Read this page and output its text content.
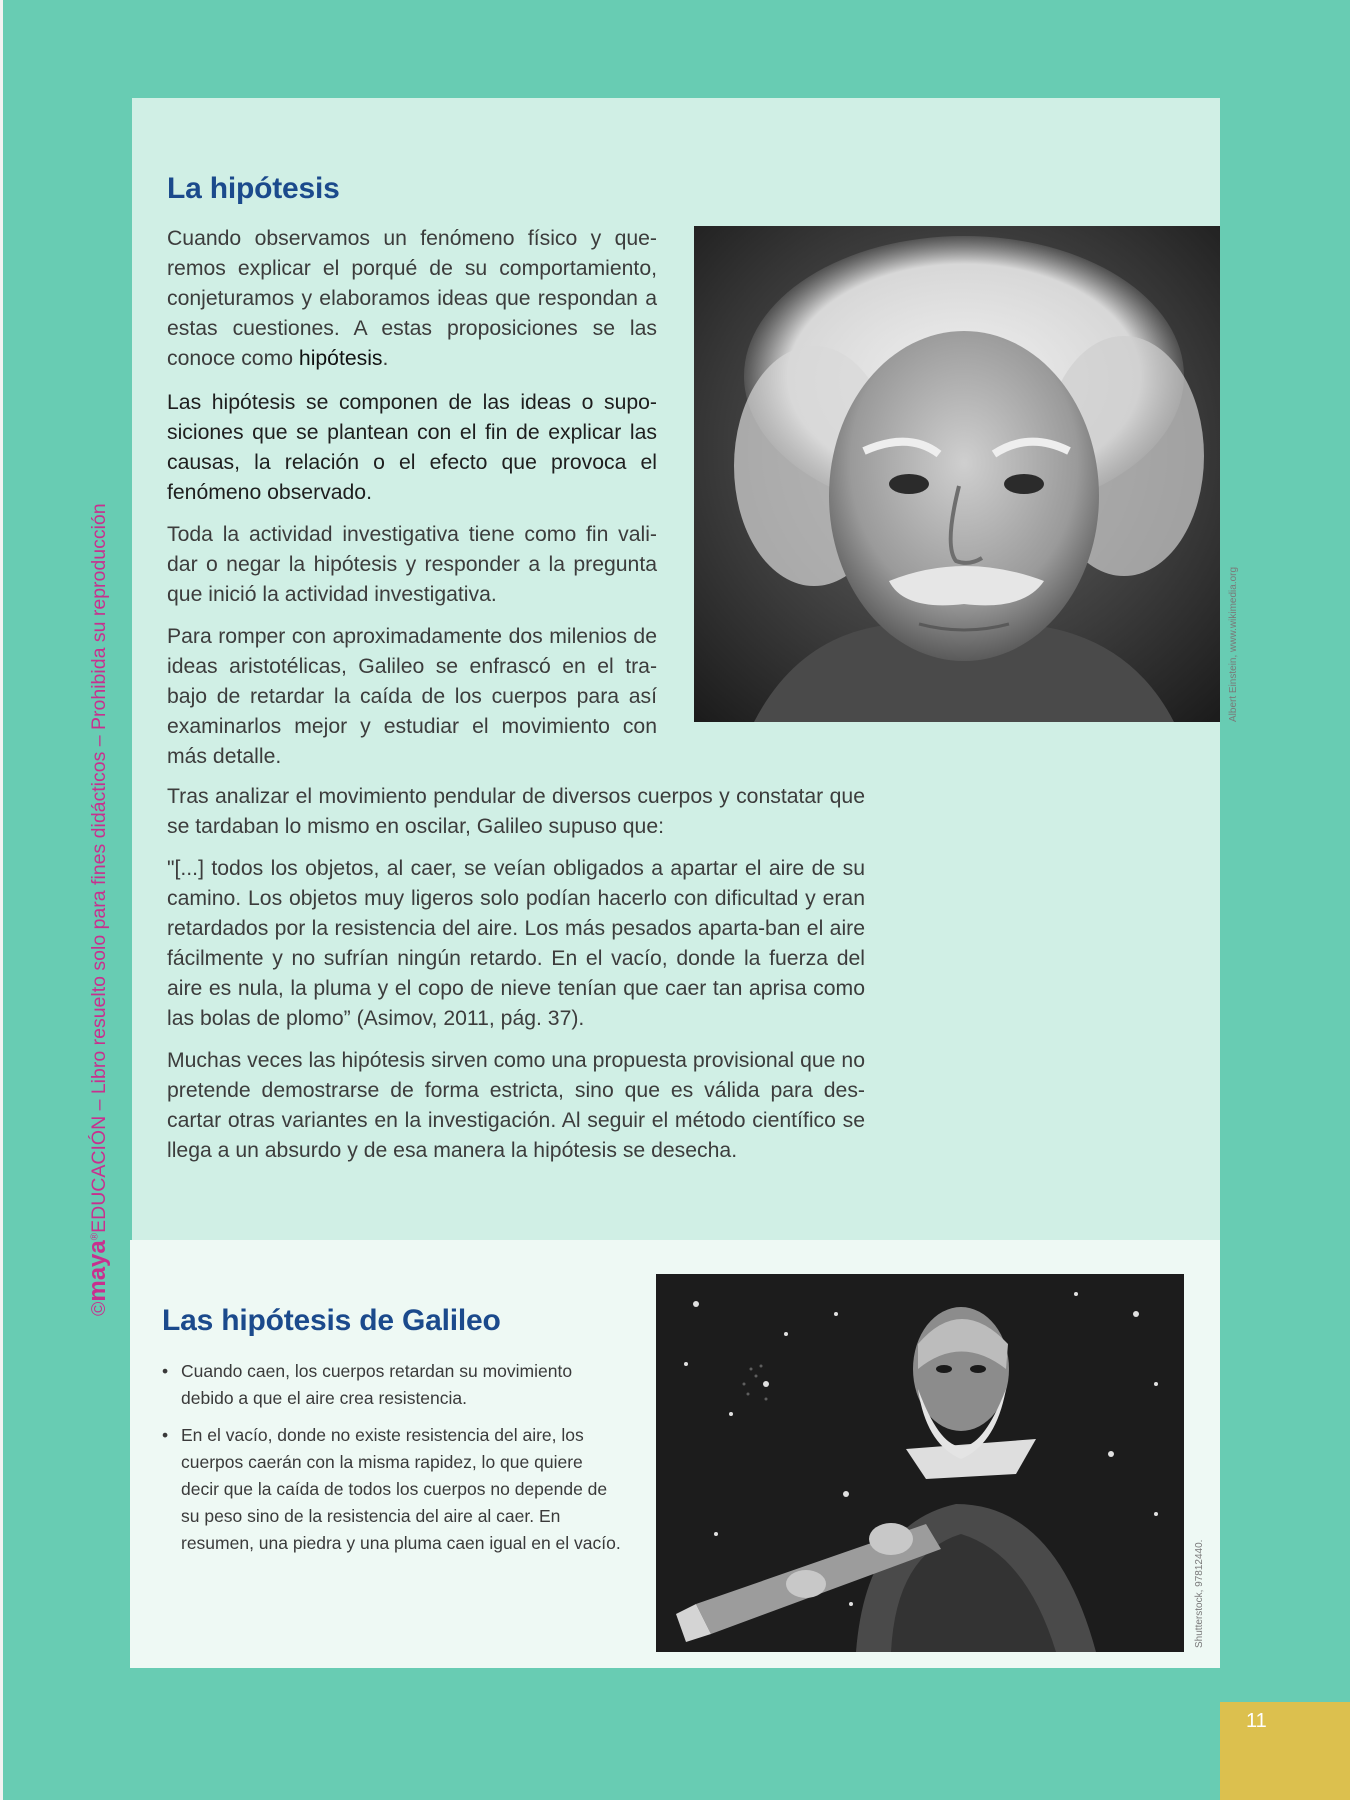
©maya®EDUCACIÓN – Libro resuelto solo para fines didácticos – Prohibida su reproducción
La hipótesis

Cuando observamos un fenómeno físico y que-remos explicar el porqué de su comportamiento, conjeturamos y elaboramos ideas que respondan a estas cuestiones. A estas proposiciones se las conoce como hipótesis.

Las hipótesis se componen de las ideas o supo-siciones que se plantean con el fin de explicar las causas, la relación o el efecto que provoca el fenómeno observado.

Toda la actividad investigativa tiene como fin vali-dar o negar la hipótesis y responder a la pregunta que inició la actividad investigativa.

Para romper con aproximadamente dos milenios de ideas aristotélicas, Galileo se enfrascó en el tra-bajo de retardar la caída de los cuerpos para así examinarlos mejor y estudiar el movimiento con más detalle.

Tras analizar el movimiento pendular de diversos cuerpos y constatar que se tardaban lo mismo en oscilar, Galileo supuso que:

"[...] todos los objetos, al caer, se veían obligados a apartar el aire de su camino. Los objetos muy ligeros solo podían hacerlo con dificultad y eran retardados por la resistencia del aire. Los más pesados aparta-ban el aire fácilmente y no sufrían ningún retardo. En el vacío, donde la fuerza del aire es nula, la pluma y el copo de nieve tenían que caer tan aprisa como las bolas de plomo” (Asimov, 2011, pág. 37).

Muchas veces las hipótesis sirven como una propuesta provisional que no pretende demostrarse de forma estricta, sino que es válida para des-cartar otras variantes en la investigación. Al seguir el método científico se llega a un absurdo y de esa manera la hipótesis se desecha.

Albert Einstein, www.wikimedia.org
Las hipótesis de Galileo
• Cuando caen, los cuerpos retardan su movimiento debido a que el aire crea resistencia.
• En el vacío, donde no existe resistencia del aire, los cuerpos caerán con la misma rapidez, lo que quiere decir que la caída de todos los cuerpos no depende de su peso sino de la resistencia del aire al caer. En resumen, una piedra y una pluma caen igual en el vacío.	Shutterstock, 97812440.
11
